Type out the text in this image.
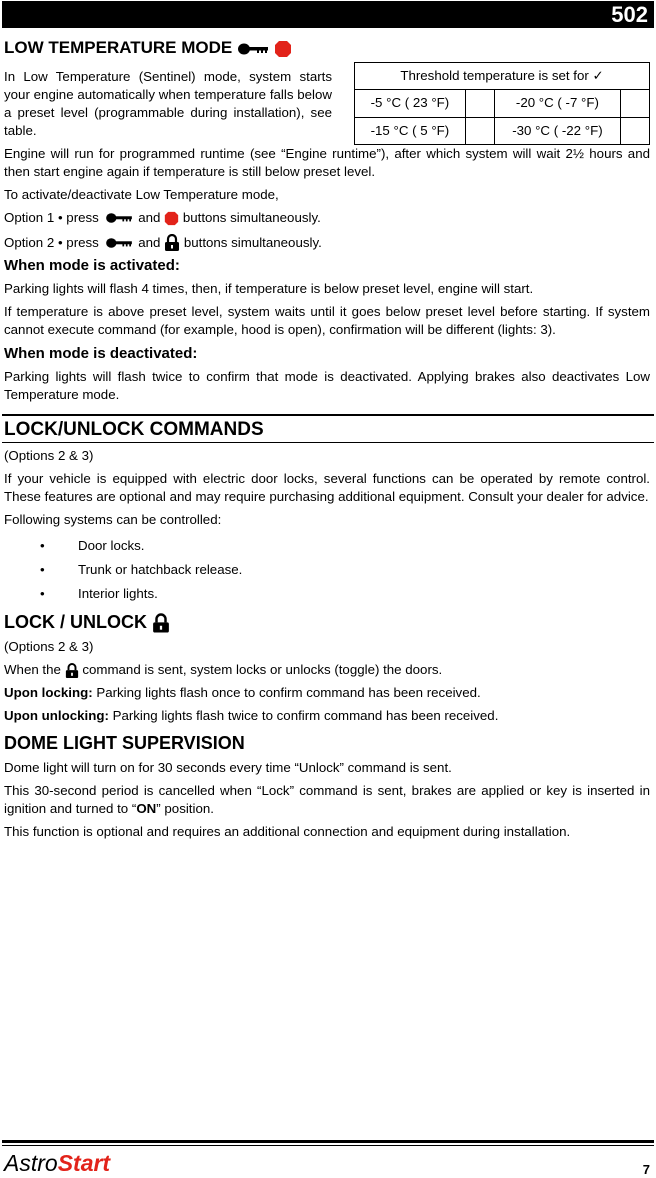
502
LOW TEMPERATURE MODE

In Low Temperature (Sentinel) mode, system starts your engine automatically when temperature falls below a preset level (programmable during installation), see table.

Threshold temperature is set for ✓			
-5 °C ( 23 °F)		-20 °C ( -7 °F)	
-15 °C ( 5 °F)		-30 °C ( -22 °F)	

Engine will run for programmed runtime (see “Engine runtime”), after which system will wait 2½ hours and then start engine again if temperature is still below preset level.

To activate/deactivate Low Temperature mode,

Option 1 • press	and buttons simultaneously.

Option 2 • press	and buttons simultaneously.

When mode is activated:

Parking lights will flash 4 times, then, if temperature is below preset level, engine will start.

If temperature is above preset level, system waits until it goes below preset level before starting. If system cannot execute command (for example, hood is open), confirmation will be different (lights: 3).

When mode is deactivated:

Parking lights will flash twice to confirm that mode is deactivated. Applying brakes also deactivates Low Temperature mode.

LOCK/UNLOCK COMMANDS

(Options 2 & 3)

If your vehicle is equipped with electric door locks, several functions can be operated by remote control. These features are optional and may require purchasing additional equipment. Consult your dealer for advice.

Following systems can be controlled:

• Door locks.
• Trunk or hatchback release.
• Interior lights.
LOCK / UNLOCK

(Options 2 & 3)

When the command is sent, system locks or unlocks (toggle) the doors.

Upon locking: Parking lights flash once to confirm command has been received.

Upon unlocking: Parking lights flash twice to confirm command has been received.

DOME LIGHT SUPERVISION

Dome light will turn on for 30 seconds every time “Unlock” command is sent.

This 30-second period is cancelled when “Lock” command is sent, brakes are applied or key is inserted in ignition and turned to “ON” position.

This function is optional and requires an additional connection and equipment during installation.

AstroStart	7
